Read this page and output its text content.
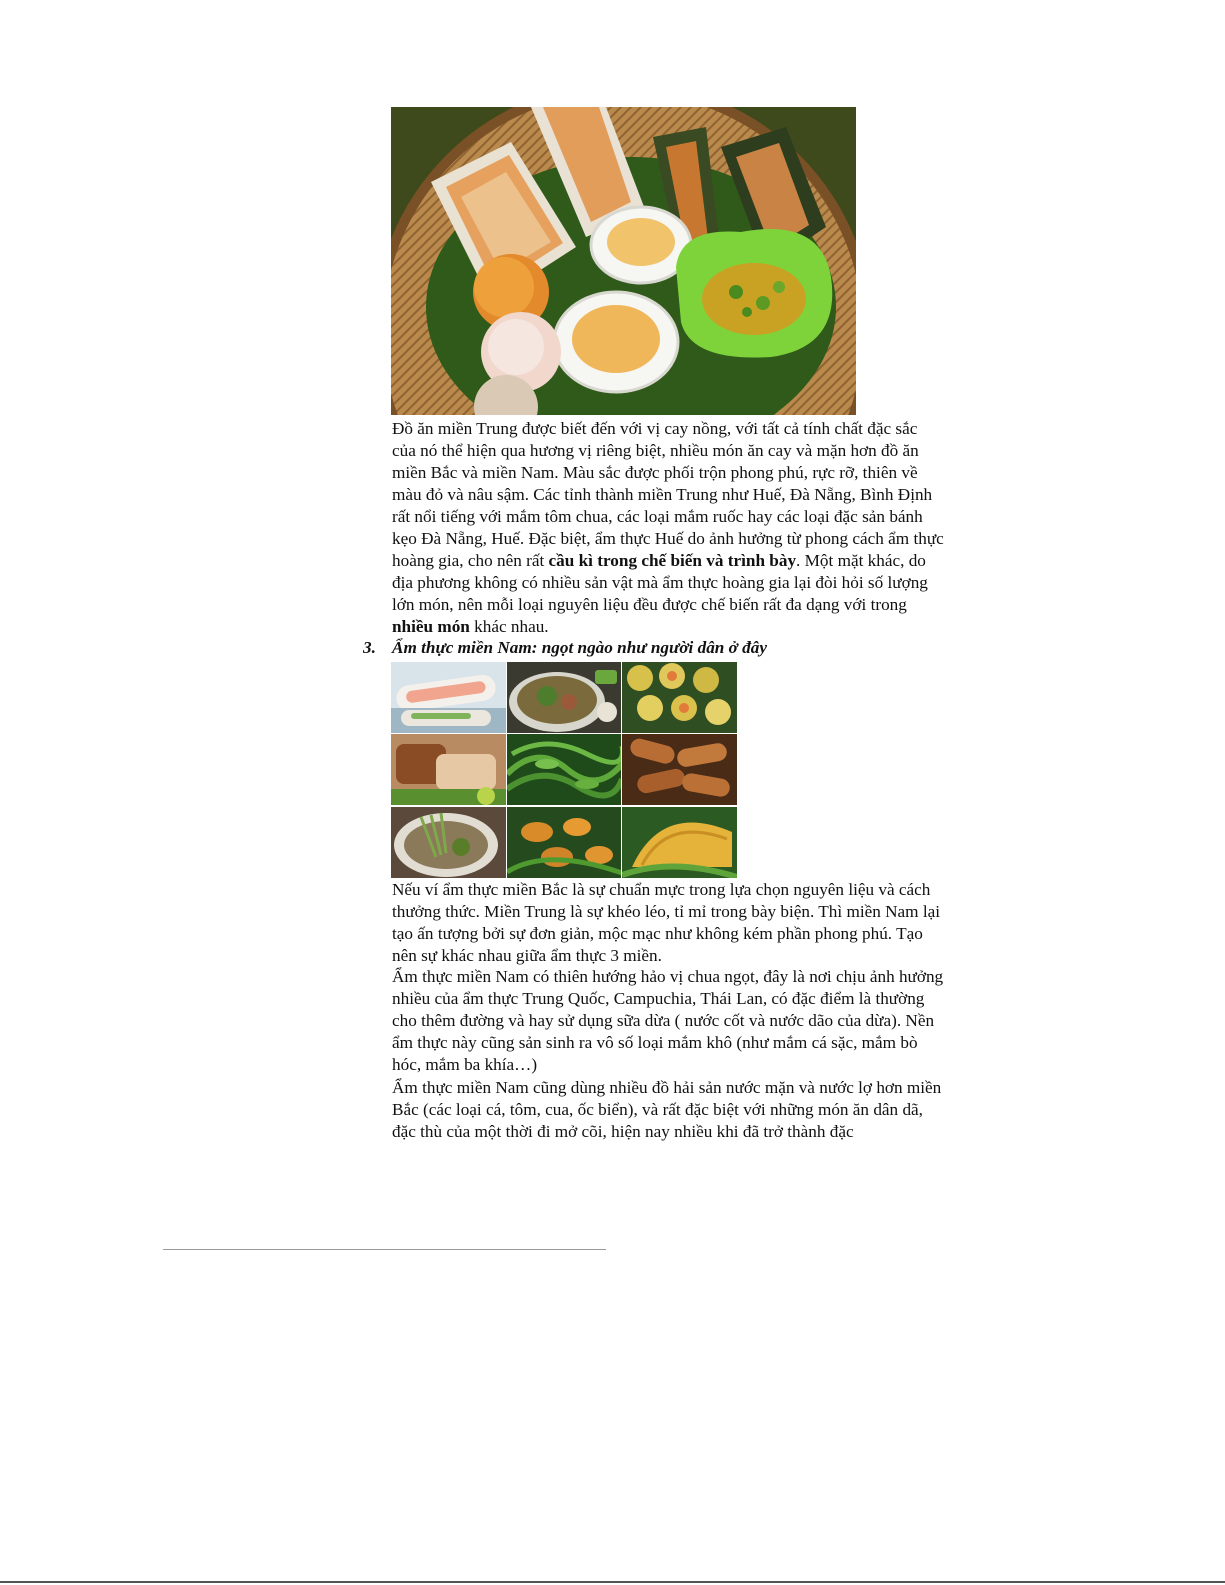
Đồ ăn miền Trung được biết đến với vị cay nồng, với tất cả tính chất đặc sắc của nó thể hiện qua hương vị riêng biệt, nhiều món ăn cay và mặn hơn đồ ăn miền Bắc và miền Nam. Màu sắc được phối trộn phong phú, rực rỡ, thiên về màu đỏ và nâu sậm. Các tỉnh thành miền Trung như Huế, Đà Nẵng, Bình Định rất nổi tiếng với mắm tôm chua, các loại mắm ruốc hay các loại đặc sản bánh kẹo Đà Nẵng, Huế. Đặc biệt, ẩm thực Huế do ảnh hưởng từ phong cách ẩm thực hoàng gia, cho nên rất cầu kì trong chế biến và trình bày. Một mặt khác, do địa phương không có nhiều sản vật mà ẩm thực hoàng gia lại đòi hỏi số lượng lớn món, nên mỗi loại nguyên liệu đều được chế biến rất đa dạng với trong nhiều món khác nhau.

3. Ẩm thực miền Nam: ngọt ngào như người dân ở đây

Nếu ví ẩm thực miền Bắc là sự chuẩn mực trong lựa chọn nguyên liệu và cách thưởng thức. Miền Trung là sự khéo léo, tỉ mỉ trong bày biện. Thì miền Nam lại tạo ấn tượng bởi sự đơn giản, mộc mạc như không kém phần phong phú. Tạo nên sự khác nhau giữa ẩm thực 3 miền.

Ẩm thực miền Nam có thiên hướng hảo vị chua ngọt, đây là nơi chịu ảnh hưởng nhiều của ẩm thực Trung Quốc, Campuchia, Thái Lan, có đặc điểm là thường cho thêm đường và hay sử dụng sữa dừa ( nước cốt và nước dão của dừa). Nền ẩm thực này cũng sản sinh ra vô số loại mắm khô (như mắm cá sặc, mắm bò hóc, mắm ba khía…)

Ẩm thực miền Nam cũng dùng nhiều đồ hải sản nước mặn và nước lợ hơn miền Bắc (các loại cá, tôm, cua, ốc biển), và rất đặc biệt với những món ăn dân dã, đặc thù của một thời đi mở cõi, hiện nay nhiều khi đã trở thành đặc
